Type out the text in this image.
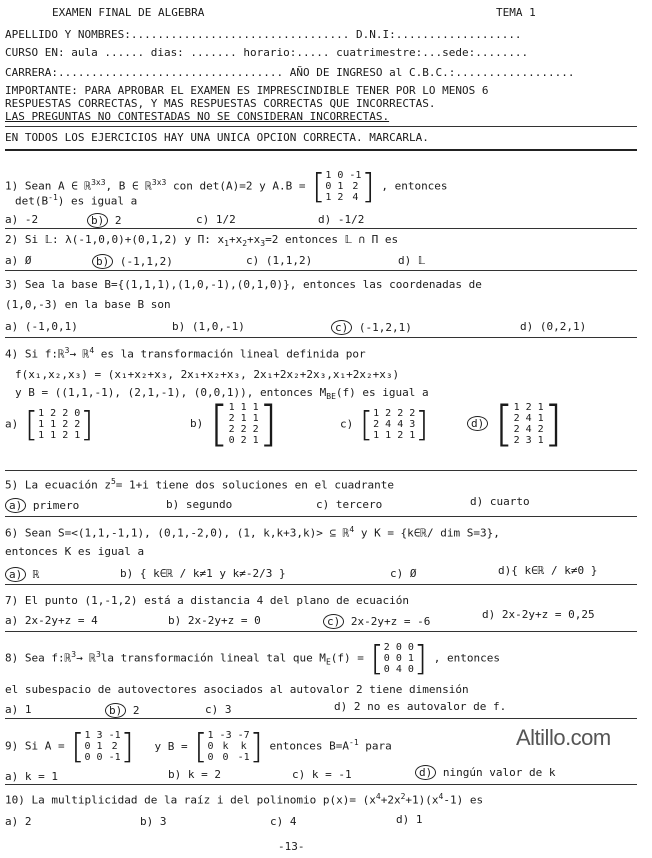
EXAMEN FINAL DE ALGEBRA	TEMA 1
APELLIDO Y NOMBRES:................................. D.N.I:...................
CURSO EN: aula ...... dias: ....... horario:..... cuatrimestre:...sede:........
CARRERA:.................................. AÑO DE INGRESO al C.B.C.:..................
IMPORTANTE: PARA APROBAR EL EXAMEN ES IMPRESCINDIBLE TENER POR LO MENOS 6
RESPUESTAS CORRECTAS, Y MAS RESPUESTAS CORRECTAS QUE INCORRECTAS.
LAS PREGUNTAS NO CONTESTADAS NO SE CONSIDERAN INCORRECTAS.
EN TODOS LOS EJERCICIOS HAY UNA UNICA OPCION CORRECTA. MARCARLA.
1) Sean A ∈ ℝ$^{3x3}$, B ∈ ℝ$^{3x3}$ con det(A)=2 y A.B = [ 1 0 -1
0 1 2
1 2 4 ] , entonces
$\det(B^{-1})$ es igual a
a) -2	b) 2	c) 1/2	d) -1/2
2) Si 𝕃: λ(-1,0,0)+(0,1,2) y Π: $x_1+x_2+x_3=2$ entonces 𝕃 ∩ Π es
a) Ø	b) (-1,1,2)	c) (1,1,2)	d) 𝕃
3) Sea la base B={(1,1,1),(1,0,-1),(0,1,0)}, entonces las coordenadas de
(1,0,-3) en la base B son
a) (-1,0,1)	b) (1,0,-1)	c) (-1,2,1)	d) (0,2,1)
4) Si f:ℝ$^3$→ ℝ$^4$ es la transformación lineal definida por
f(x₁,x₂,x₃) = (x₁+x₂+x₃, 2x₁+x₂+x₃, 2x₁+2x₂+2x₃,x₁+2x₂+x₃)
y B = ((1,1,-1), (2,1,-1), (0,0,1)), entonces $M_{BE}(f)$ es igual a
a) [ 1 2 2 0
1 1 2 2
1 1 2 1 ]	b) [ 1 1 1
2 1 1
2 2 2
0 2 1 ]	c) [ 1 2 2 2
2 4 4 3
1 1 2 1 ]	d) [ 1 2 1
2 4 1
2 4 2
2 3 1 ]
5) La ecuación $z^5= 1+i$ tiene dos soluciones en el cuadrante
a) primero	b) segundo	c) tercero	d) cuarto
6) Sean S=<(1,1,-1,1), (0,1,-2,0), (1, k,k+3,k)> ⊆ ℝ$^4$ y K = {k∈ℝ/ dim S=3},
entonces K es igual a
a) ℝ	b) { k∈ℝ / k≠1 y k≠-2/3 }	c) Ø	d){ k∈ℝ / k≠0 }
7) El punto (1,-1,2) está a distancia 4 del plano de ecuación
a) 2x-2y+z = 4	b) 2x-2y+z = 0	c) 2x-2y+z = -6
d) 2x-2y+z = 0,25
8) Sea f:ℝ$^3$→ ℝ$^3$la transformación lineal tal que $M_E(f)$ = [ 2 0 0
0 0 1
0 4 0 ] , entonces
el subespacio de autovectores asociados al autovalor 2 tiene dimensión
a) 1	b) 2	c) 3	d) 2 no es autovalor de f.
9) Si A = [ 1 3 -1
0 1 2
0 0 -1 ] y B = [ 1 -3 -7
0 k	k
0 0 -1 ] entonces $B=A^{-1}$ para	Altillo.com
a) k = 1	b) k = 2	c) k = -1	d) ningún valor de k
10) La multiplicidad de la raíz i del polinomio $p(x)= (x^4+2x^2+1)(x^4-1)$ es
a) 2	b) 3	c) 4	d) 1
-13-
